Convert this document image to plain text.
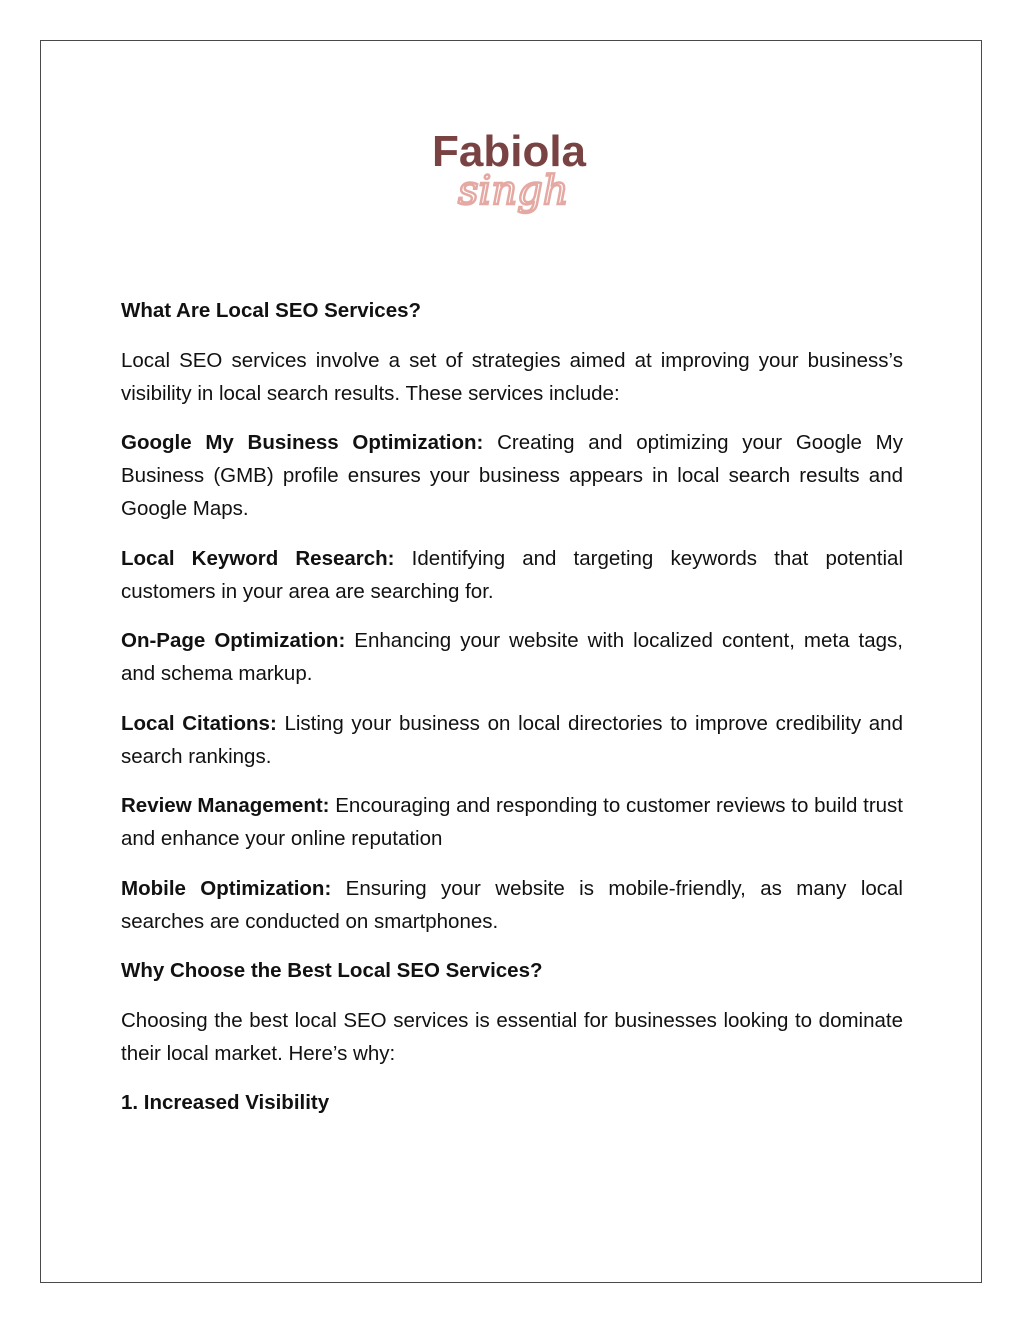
Fabiola
singh

What Are Local SEO Services?

Local SEO services involve a set of strategies aimed at improving your business’s visibility in local search results. These services include:

Google My Business Optimization: Creating and optimizing your Google My Business (GMB) profile ensures your business appears in local search results and Google Maps.

Local Keyword Research: Identifying and targeting keywords that potential customers in your area are searching for.

On-Page Optimization: Enhancing your website with localized content, meta tags, and schema markup.

Local Citations: Listing your business on local directories to improve credibility and search rankings.

Review Management: Encouraging and responding to customer reviews to build trust and enhance your online reputation

Mobile Optimization: Ensuring your website is mobile-friendly, as many local searches are conducted on smartphones.

Why Choose the Best Local SEO Services?

Choosing the best local SEO services is essential for businesses looking to dominate their local market. Here’s why:

1. Increased Visibility
